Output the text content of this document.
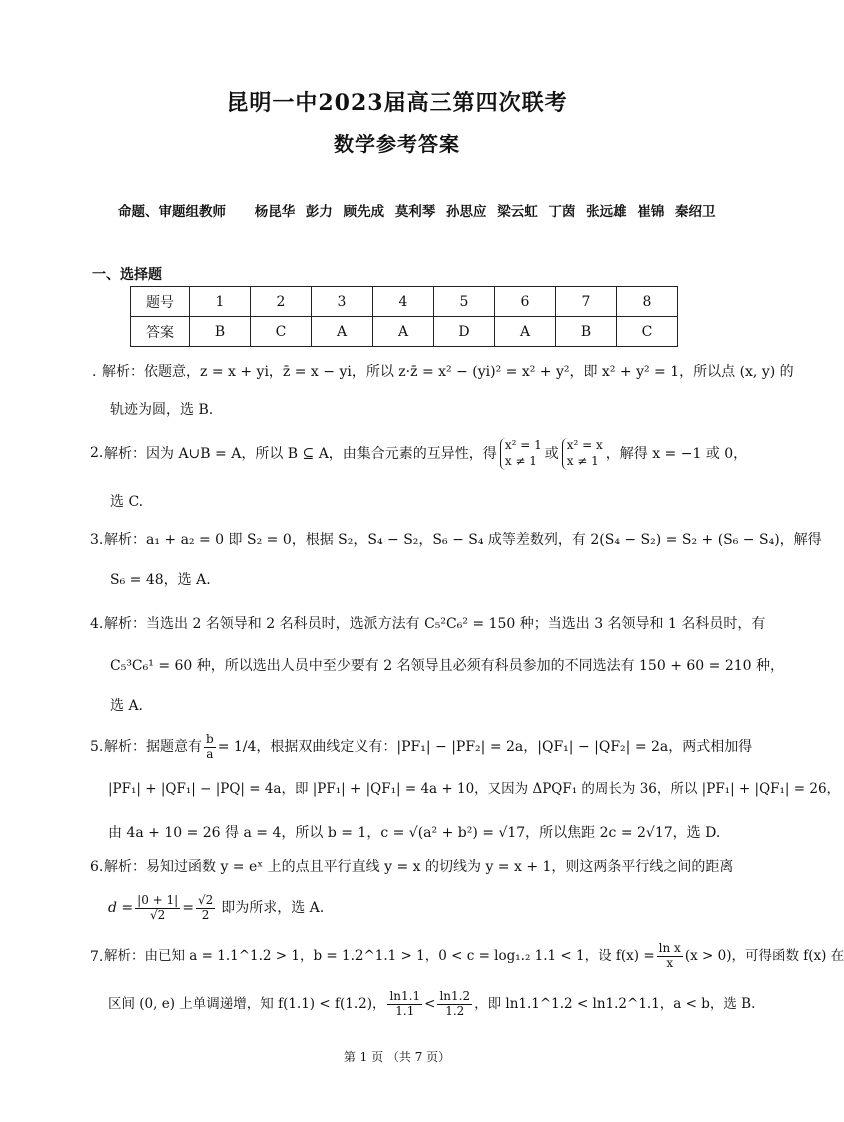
昆明一中2023届高三第四次联考
数学参考答案
命题、审题组教师 杨昆华 彭力 顾先成 莫利琴 孙思应 梁云虹 丁茵 张远雄 崔锦 秦绍卫
一、选择题
题号	1	2	3	4	5	6	7	8
答案	B	C	A	A	D	A	B	C
. 解析：依题意，z = x + yi，z̄ = x − yi，所以 z·z̄ = x² − (yi)² = x² + y²，即 x² + y² = 1，所以点 (x, y) 的
轨迹为圆，选 B.
2. 解析：因为 A∪B = A，所以 B ⊆ A，由集合元素的互异性，得
x² = 1
x ≠ 1 或
x² = x
x ≠ 1 ，解得 x = −1 或 0，
选 C.
3. 解析：a₁ + a₂ = 0 即 S₂ = 0，根据 S₂，S₄ − S₂，S₆ − S₄ 成等差数列，有 2(S₄ − S₂) = S₂ + (S₆ − S₄)，解得
S₆ = 48，选 A.
4. 解析：当选出 2 名领导和 2 名科员时，选派方法有 C₅²C₆² = 150 种；当选出 3 名领导和 1 名科员时，有
C₅³C₆¹ = 60 种，所以选出人员中至少要有 2 名领导且必须有科员参加的不同选法有 150 + 60 = 210 种，
选 A.
5. 解析：据题意有 $\frac{b}{a} = 1/4$，根据双曲线定义有：|PF₁| − |PF₂| = 2a，|QF₁| − |QF₂| = 2a，两式相加得
|PF₁| + |QF₁| − |PQ| = 4a，即 |PF₁| + |QF₁| = 4a + 10，又因为 ΔPQF₁ 的周长为 36，所以 |PF₁| + |QF₁| = 26，
由 4a + 10 = 26 得 a = 4，所以 b = 1，c = √(a² + b²) = √17，所以焦距 2c = 2√17，选 D.
6. 解析：易知过函数 y = eˣ 上的点且平行直线 y = x 的切线为 y = x + 1，则这两条平行线之间的距离
$d = \frac{|0 + 1|}{√2} = \frac{√2}{2}$ 即为所求，选 A.
7. 解析：由已知 a = 1.1^1.2 > 1，b = 1.2^1.1 > 1，0 < c = log₁.₂ 1.1 < 1，设 $f(x) = \frac{\text{ln x}}{x} (x > 0)$，可得函数 f(x) 在
区间 (0, e) 上单调递增，知 f(1.1) < f(1.2)， $\frac{\ln 1.1}{1.1} < \frac{\ln 1.2}{1.2}$ ，即 ln1.1^1.2 < ln1.2^1.1，a < b，选 B.
第 1 页 （共 7 页）
